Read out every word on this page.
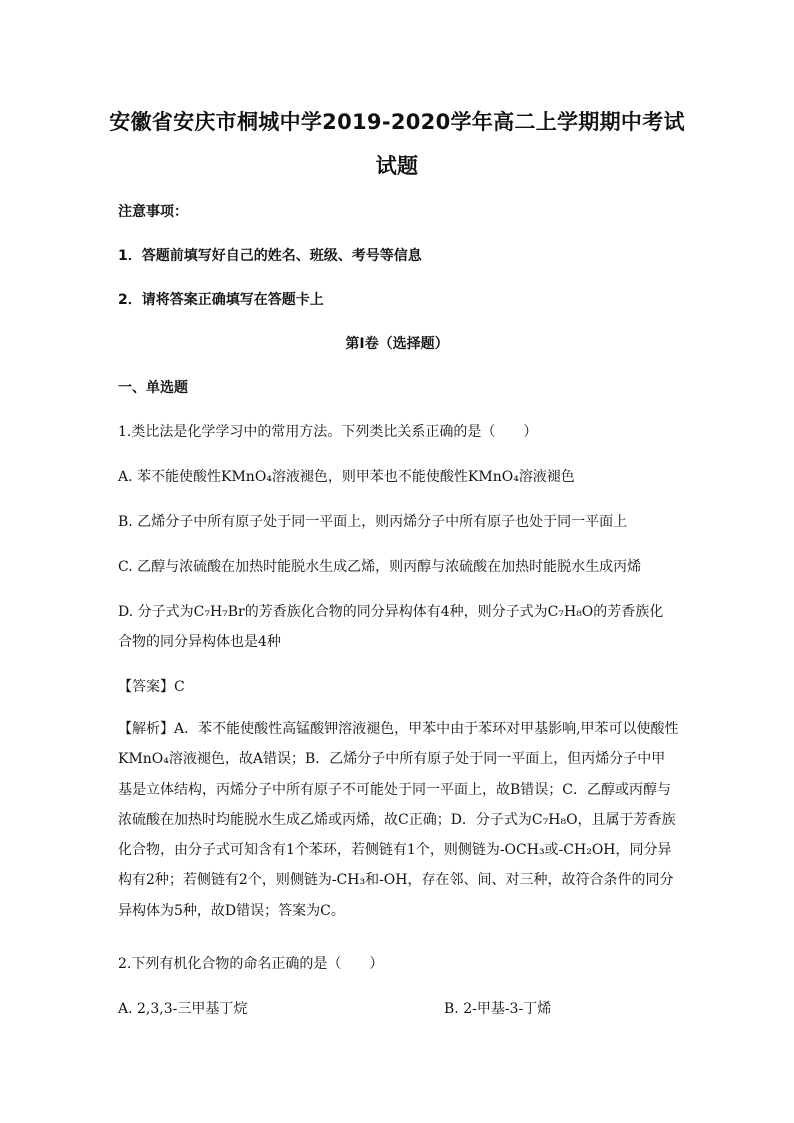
安徽省安庆市桐城中学2019-2020学年高二上学期期中考试
试题
注意事项：
1．答题前填写好自己的姓名、班级、考号等信息
2．请将答案正确填写在答题卡上
第I卷（选择题）
一、单选题
1.类比法是化学学习中的常用方法。下列类比关系正确的是（　　）
A. 苯不能使酸性KMnO₄溶液褪色，则甲苯也不能使酸性KMnO₄溶液褪色
B. 乙烯分子中所有原子处于同一平面上，则丙烯分子中所有原子也处于同一平面上
C. 乙醇与浓硫酸在加热时能脱水生成乙烯，则丙醇与浓硫酸在加热时能脱水生成丙烯
D. 分子式为C₇H₇Br的芳香族化合物的同分异构体有4种，则分子式为C₇H₈O的芳香族化
合物的同分异构体也是4种
【答案】C

【解析】A．苯不能使酸性高锰酸钾溶液褪色，甲苯中由于苯环对甲基影响,甲苯可以使酸性

KMnO₄溶液褪色，故A错误；B．乙烯分子中所有原子处于同一平面上，但丙烯分子中甲

基是立体结构，丙烯分子中所有原子不可能处于同一平面上，故B错误；C．乙醇或丙醇与

浓硫酸在加热时均能脱水生成乙烯或丙烯，故C正确；D．分子式为C₇H₈O，且属于芳香族

化合物，由分子式可知含有1个苯环，若侧链有1个，则侧链为-OCH₃或-CH₂OH，同分异

构有2种；若侧链有2个，则侧链为-CH₃和-OH，存在邻、间、对三种，故符合条件的同分

异构体为5种，故D错误；答案为C。

2.下列有机化合物的命名正确的是（　　）
A. 2,3,3-三甲基丁烷	B. 2-甲基-3-丁烯
